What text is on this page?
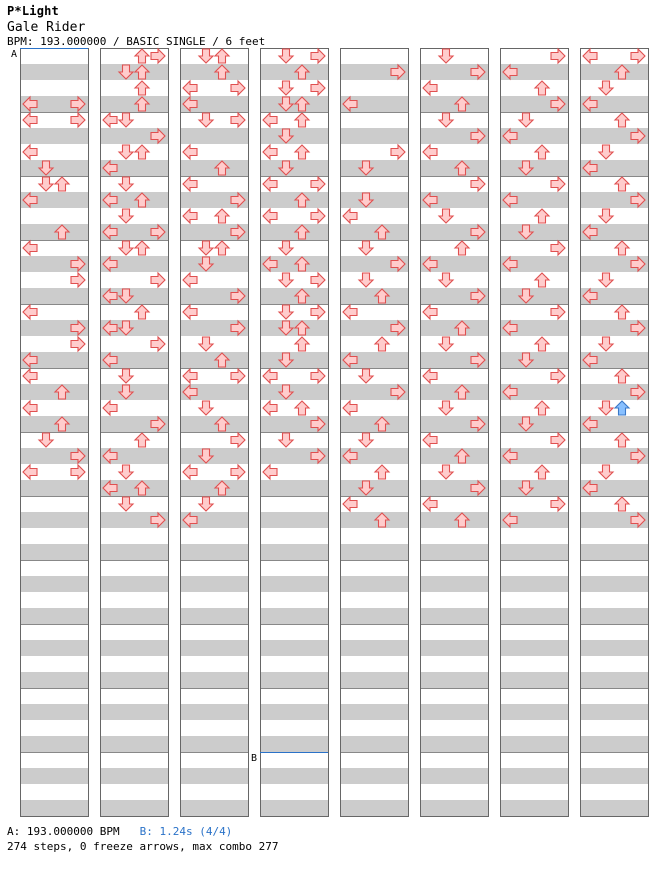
P*Light
Gale Rider
BPM: 193.000000 / BASIC SINGLE / 6 feet
A
B
A: 193.000000 BPM B: 1.24s (4/4)
274 steps, 0 freeze arrows, max combo 277
